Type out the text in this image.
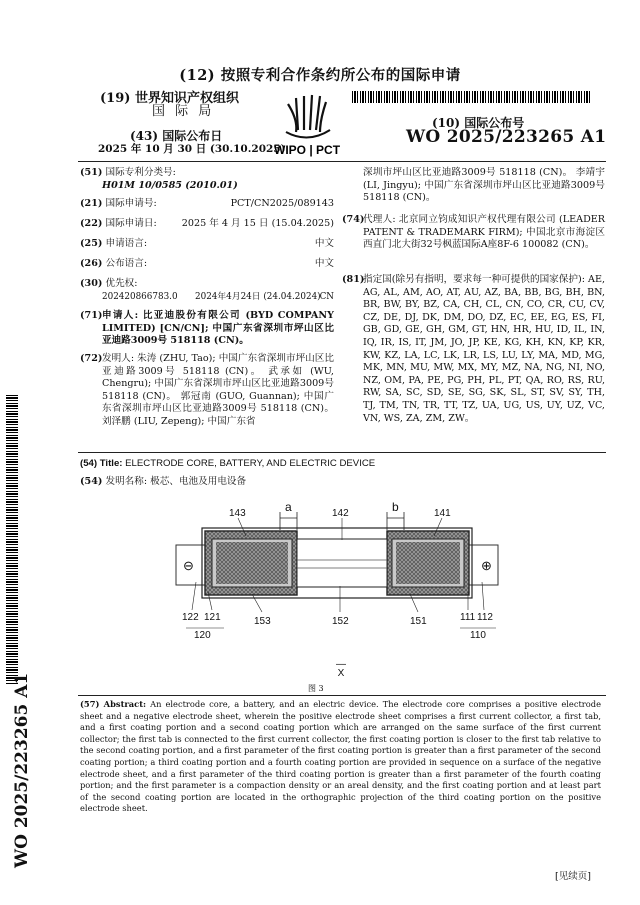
(12) 按照专利合作条约所公布的国际申请
(19) 世界知识产权组织
国 际 局
(43) 国际公布日
2025 年 10 月 30 日 (30.10.2025)
WIPO | PCT
(10) 国际公布号
WO 2025/223265 A1
WO 2025/223265 A1
(51) 国际专利分类号:
H01M 10/0585 (2010.01)
(21) 国际申请号:	PCT/CN2025/089143
(22) 国际申请日:	2025 年 4 月 15 日 (15.04.2025)
(25) 申请语言:	中文
(26) 公布语言:	中文
(30) 优先权:
202420866783.0 2024年4月24日 (24.04.2024)
CN
(71) 申请人: 比亚迪股份有限公司 (BYD COMPANY LIMITED) [CN/CN]; 中国广东省深圳市坪山区比亚迪路3009号 518118 (CN)。
(72) 发明人: 朱涛 (ZHU, Tao); 中国广东省深圳市坪山区比亚迪路3009号 518118 (CN)。 武承如 (WU, Chengru); 中国广东省深圳市坪山区比亚迪路3009号 518118 (CN)。 郭冠南 (GUO, Guannan); 中国广东省深圳市坪山区比亚迪路3009号 518118 (CN)。 刘泽鹏 (LIU, Zepeng); 中国广东省
深圳市坪山区比亚迪路3009号 518118 (CN)。 李靖宇 (LI, Jingyu); 中国广东省深圳市坪山区比亚迪路3009号 518118 (CN)。
(74)
代理人: 北京同立钧成知识产权代理有限公司 (LEADER PATENT & TRADEMARK FIRM); 中国北京市海淀区西直门北大街32号枫蓝国际A座8F-6 100082 (CN)。
(81)
指定国(除另有指明，要求每一种可提供的国家保护): AE, AG, AL, AM, AO, AT, AU, AZ, BA, BB, BG, BH, BN, BR, BW, BY, BZ, CA, CH, CL, CN, CO, CR, CU, CV, CZ, DE, DJ, DK, DM, DO, DZ, EC, EE, EG, ES, FI, GB, GD, GE, GH, GM, GT, HN, HR, HU, ID, IL, IN, IQ, IR, IS, IT, JM, JO, JP, KE, KG, KH, KN, KP, KR, KW, KZ, LA, LC, LK, LR, LS, LU, LY, MA, MD, MG, MK, MN, MU, MW, MX, MY, MZ, NA, NG, NI, NO, NZ, OM, PA, PE, PG, PH, PL, PT, QA, RO, RS, RU, RW, SA, SC, SD, SE, SG, SK, SL, ST, SV, SY, TH, TJ, TM, TN, TR, TT, TZ, UA, UG, US, UY, UZ, VC, VN, WS, ZA, ZM, ZW。
(54) Title: ELECTRODE CORE, BATTERY, AND ELECTRIC DEVICE
(54) 发明名称: 极芯、电池及用电设备
143	a	142	b	141
122 121
120
153	152	151	111 112
110
⊖	⊕
—
X
图 3
(57) Abstract: An electrode core, a battery, and an electric device. The electrode core comprises a positive electrode sheet and a negative electrode sheet, wherein the positive electrode sheet comprises a first current collector, a first tab, and a first coating portion and a second coating portion which are arranged on the same surface of the first current collector; the first tab is connected to the first current collector, the first coating portion is closer to the first tab relative to the second coating portion, and a first parameter of the first coating portion is greater than a first parameter of the second coating portion; a third coating portion and a fourth coating portion are provided in sequence on a surface of the negative electrode sheet, and a first parameter of the third coating portion is greater than a first parameter of the fourth coating portion; and the first parameter is a compaction density or an areal density, and the first coating portion and at least part of the second coating portion are located in the orthographic projection of the third coating portion on the positive electrode sheet.
[见续页]
